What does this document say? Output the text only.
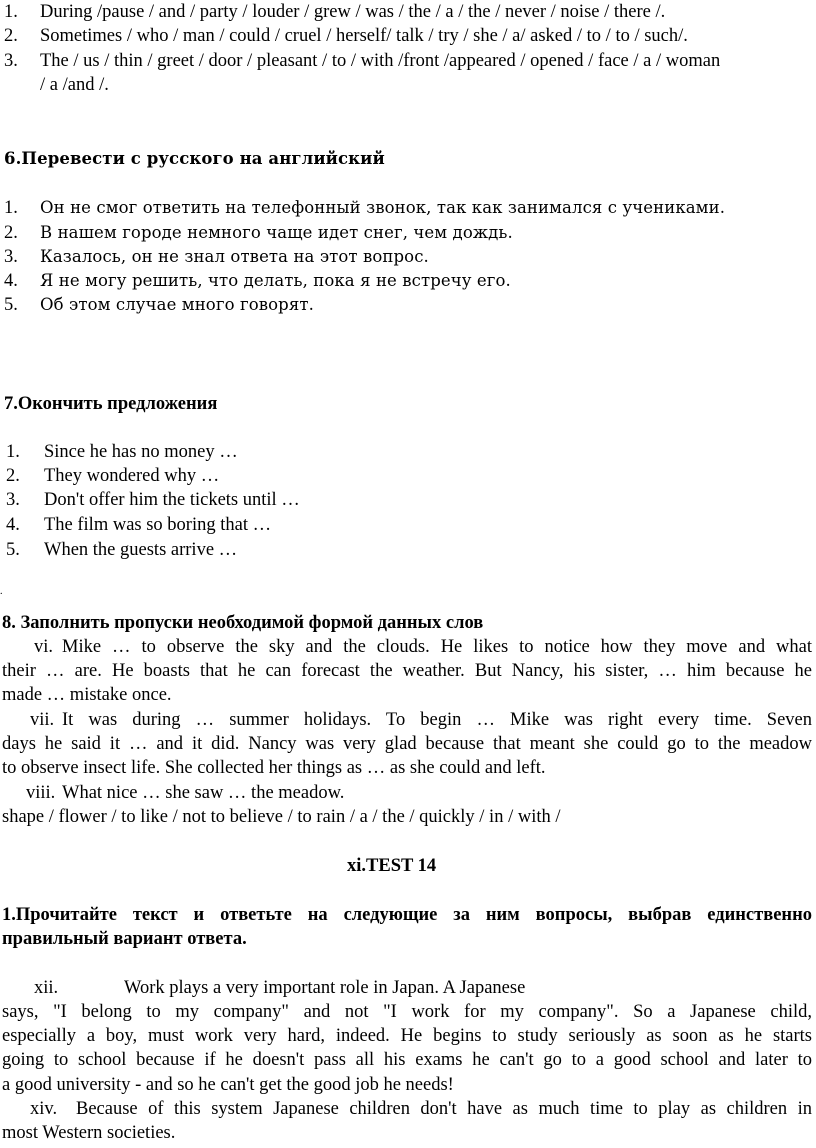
1. During /pause / and / party / louder / grew / was / the / a / the / never / noise / there /.
2. Sometimes / who / man / could / cruel / herself/ talk / try / she / a/ asked / to / to / such/.
3. The / us / thin / greet / door / pleasant / to / with /front /appeared / opened / face / a / woman
/ a /and /.
6.Перевести с русского на английский
1. Он не смог ответить на телефонный звонок, так как занимался с учениками.
2. В нашем городе немного чаще идет снег, чем дождь.
3. Казалось, он не знал ответа на этот вопрос.
4. Я не могу решить, что делать, пока я не встречу его.
5. Об этом случае много говорят.
7.Окончить предложения
1. Since he has no money …
2. They wondered why …
3. Don't offer him the tickets until …
4. The film was so boring that …
5. When the guests arrive …
.
8. Заполнить пропуски необходимой формой данных слов
vi. Mike … to observe the sky and the clouds. He likes to notice how they move and what
their … are. He boasts that he can forecast the weather. But Nancy, his sister, … him because he
made … mistake once.
vii. It was during … summer holidays. To begin … Mike was right every time. Seven
days he said it … and it did. Nancy was very glad because that meant she could go to the meadow
to observe insect life. She collected her things as … as she could and left.
viii. What nice … she saw … the meadow.
shape / flower / to like / not to believe / to rain / a / the / quickly / in / with /
xi.TEST 14
1.Прочитайте текст и ответьте на следующие за ним вопросы, выбрав единственно
правильный вариант ответа.
xii.	Work plays a very important role in Japan. A Japanese
says, "I belong to my company" and not "I work for my company". So a Japanese child,
especially a boy, must work very hard, indeed. He begins to study seriously as soon as he starts
going to school because if he doesn't pass all his exams he can't go to a good school and later to
a good university - and so he can't get the good job he needs!
xiv. Because of this system Japanese children don't have as much time to play as children in
most Western societies.
